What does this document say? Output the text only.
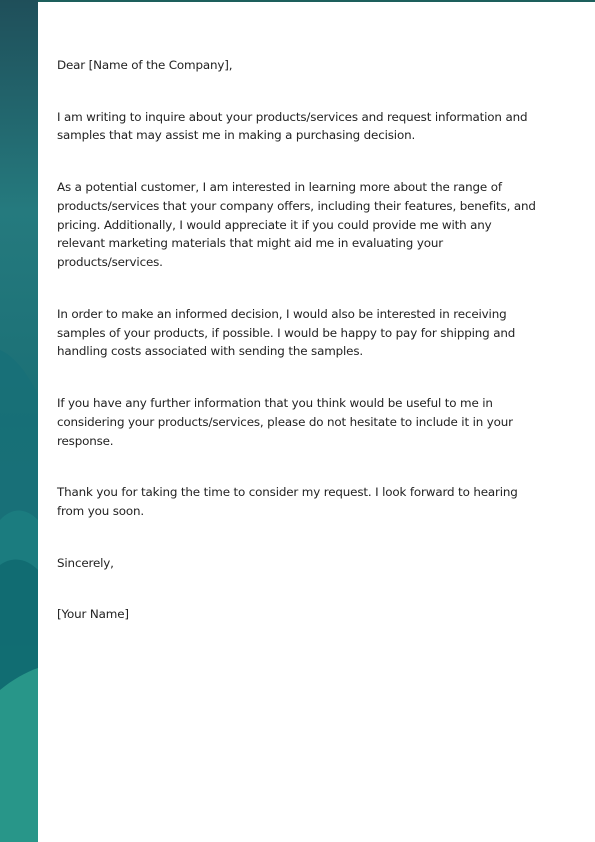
Dear [Name of the Company],

I am writing to inquire about your products/services and request information and samples that may assist me in making a purchasing decision.

As a potential customer, I am interested in learning more about the range of products/services that your company offers, including their features, benefits, and pricing. Additionally, I would appreciate it if you could provide me with any relevant marketing materials that might aid me in evaluating your products/services.

In order to make an informed decision, I would also be interested in receiving samples of your products, if possible. I would be happy to pay for shipping and handling costs associated with sending the samples.

If you have any further information that you think would be useful to me in considering your products/services, please do not hesitate to include it in your response.

Thank you for taking the time to consider my request. I look forward to hearing from you soon.

Sincerely,

[Your Name]
